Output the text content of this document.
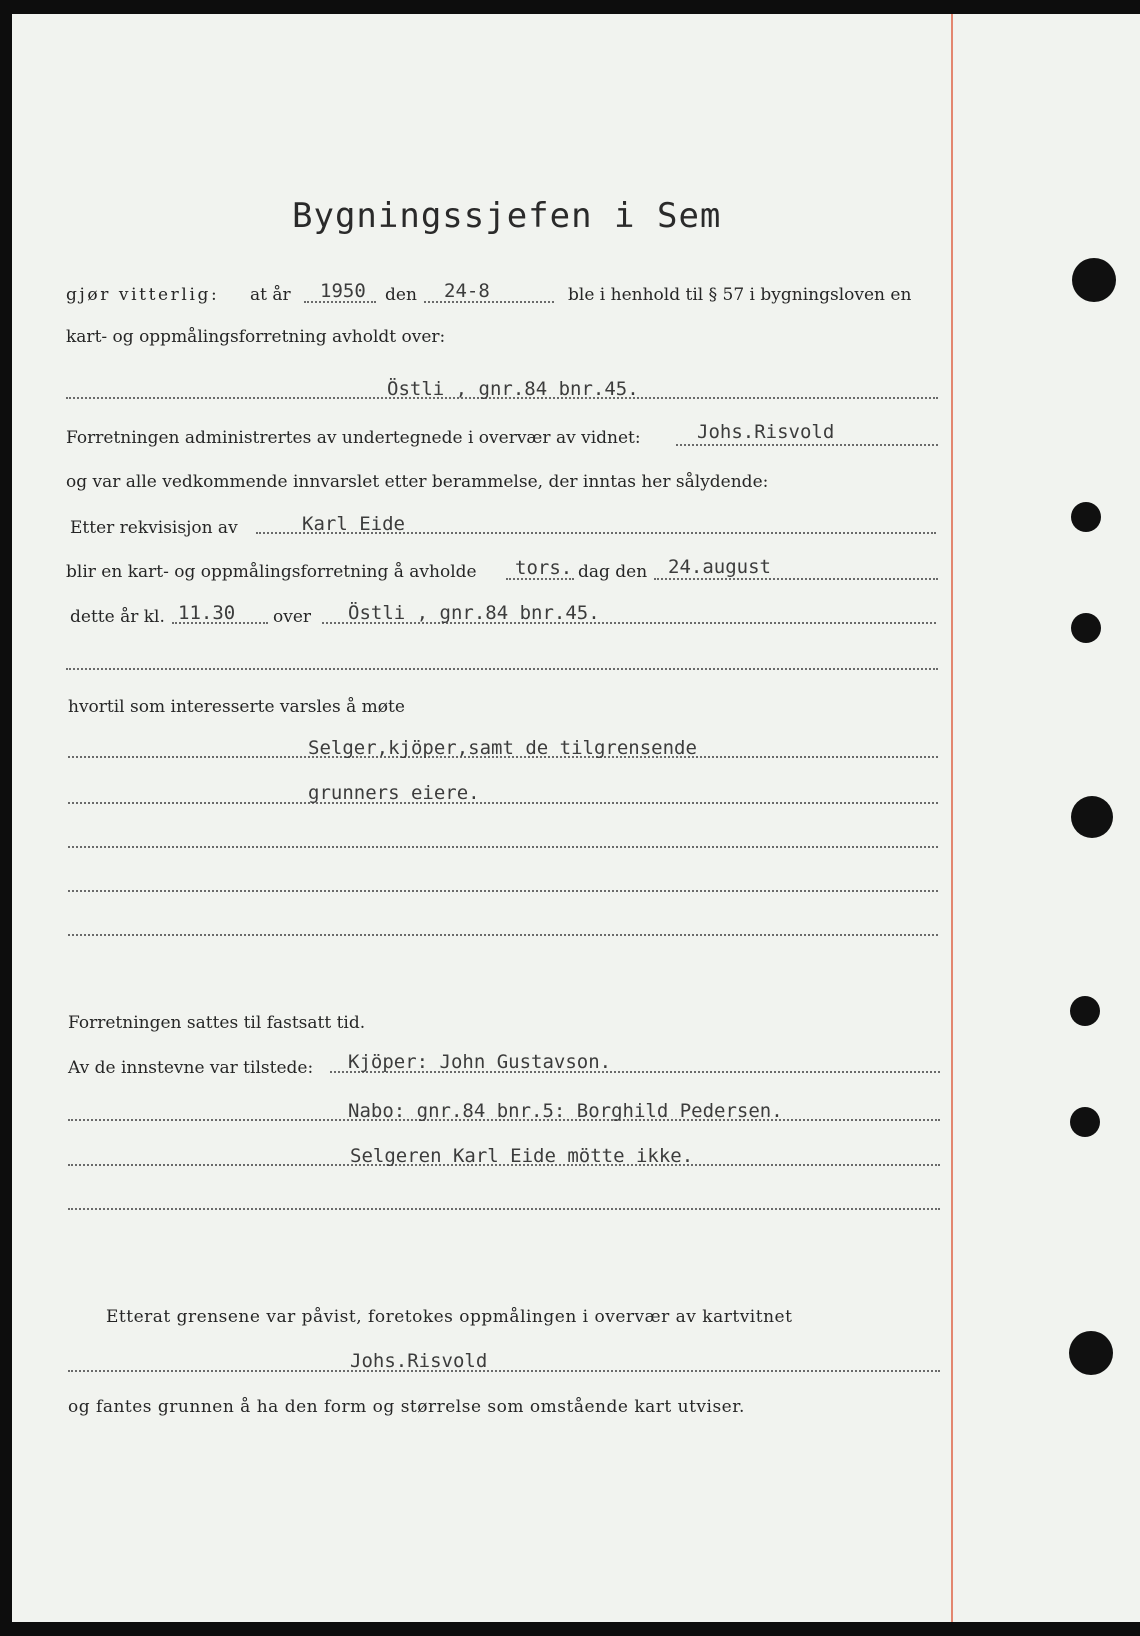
Bygningssjefen i Sem
gjør vitterlig: at år 1950 den 24-8	ble i henhold til § 57 i bygningsloven en
kart- og oppmålingsforretning avholdt over:
Östli , gnr.84 bnr.45.
Forretningen administrertes av undertegnede i overvær av vidnet:	Johs.Risvold
og var alle vedkommende innvarslet etter berammelse, der inntas her sålydende:
Etter rekvisisjon av	Karl Eide
blir en kart- og oppmålingsforretning å avholde tors. dag den 24.august
dette år kl. 11.30 over Östli , gnr.84 bnr.45.
hvortil som interesserte varsles å møte
Selger,kjöper,samt de tilgrensende
grunners eiere.
Forretningen sattes til fastsatt tid.
Av de innstevne var tilstede: Kjöper: John Gustavson.
Nabo: gnr.84 bnr.5: Borghild Pedersen.
Selgeren Karl Eide mötte ikke.
Etterat grensene var påvist, foretokes oppmålingen i overvær av kartvitnet
Johs.Risvold
og fantes grunnen å ha den form og størrelse som omstående kart utviser.
